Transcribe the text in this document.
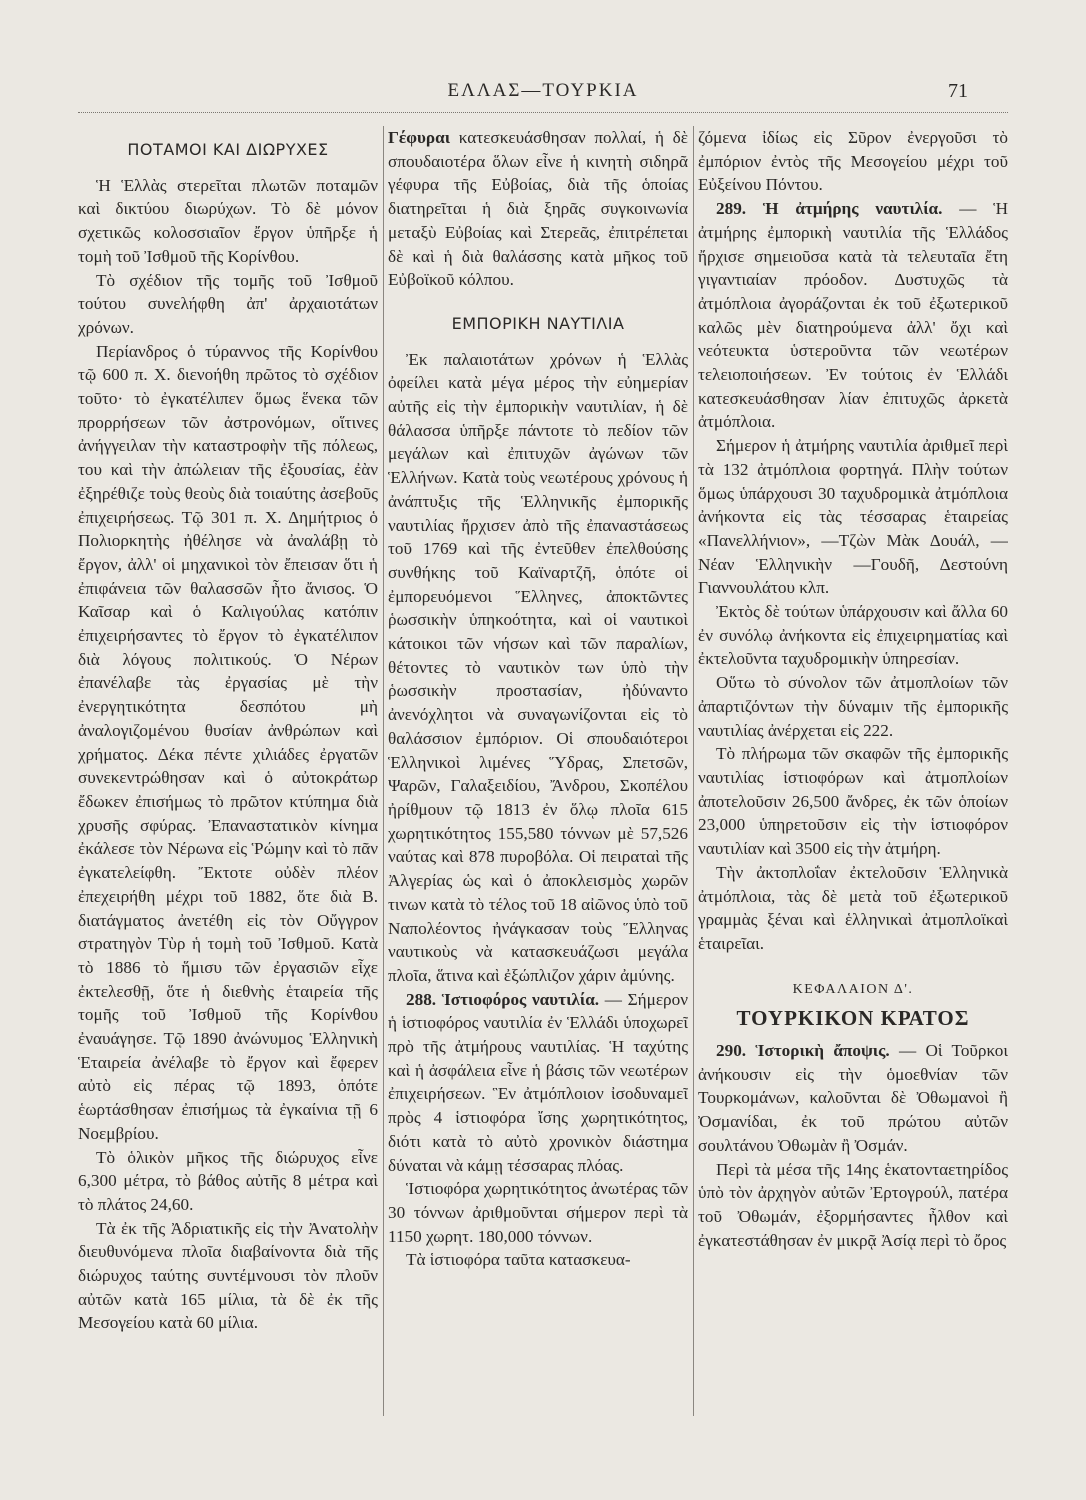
ΕΛΛΑΣ—ΤΟΥΡΚΙΑ	71
ΠΟΤΑΜΟΙ ΚΑΙ ΔΙΩΡΥΧΕΣ

Ἡ Ἑλλὰς στερεῖται πλωτῶν ποταμῶν καὶ δικτύου διωρύχων. Τὸ δὲ μόνον σχετικῶς κολοσσιαῖον ἔργον ὑπῆρξε ἡ τομὴ τοῦ Ἰσθμοῦ τῆς Κορίνθου.

Τὸ σχέδιον τῆς τομῆς τοῦ Ἰσθμοῦ τούτου συνελήφθη ἀπ' ἀρχαιοτάτων χρόνων.

Περίανδρος ὁ τύραννος τῆς Κορίνθου τῷ 600 π. Χ. διενοήθη πρῶτος τὸ σχέδιον τοῦτο· τὸ ἐγκατέλιπεν ὅμως ἕνεκα τῶν προρρήσεων τῶν ἀστρονόμων, οἵτινες ἀνήγγειλαν τὴν καταστροφὴν τῆς πόλεως, του καὶ τὴν ἀπώλειαν τῆς ἐξουσίας, ἐὰν ἐξηρέθιζε τοὺς θεοὺς διὰ τοιαύτης ἀσεβοῦς ἐπιχειρήσεως. Τῷ 301 π. Χ. Δημήτριος ὁ Πολιορκητὴς ἠθέλησε νὰ ἀναλάβῃ τὸ ἔργον, ἀλλ' οἱ μηχανικοὶ τὸν ἔπεισαν ὅτι ἡ ἐπιφάνεια τῶν θαλασσῶν ἦτο ἄνισος. Ὁ Καῖσαρ καὶ ὁ Καλιγούλας κατόπιν ἐπιχειρήσαντες τὸ ἔργον τὸ ἐγκατέλιπον διὰ λόγους πολιτικούς. Ὁ Νέρων ἐπανέλαβε τὰς ἐργασίας μὲ τὴν ἐνεργητικότητα δεσπότου μὴ ἀναλογιζομένου θυσίαν ἀνθρώπων καὶ χρήματος. Δέκα πέντε χιλιάδες ἐργατῶν συνεκεντρώθησαν καὶ ὁ αὐτοκράτωρ ἔδωκεν ἐπισήμως τὸ πρῶτον κτύπημα διὰ χρυσῆς σφύρας. Ἐπαναστατικὸν κίνημα ἐκάλεσε τὸν Νέρωνα εἰς Ῥώμην καὶ τὸ πᾶν ἐγκατελείφθη. Ἔκτοτε οὐδὲν πλέον ἐπεχειρήθη μέχρι τοῦ 1882, ὅτε διὰ Β. διατάγματος ἀνετέθη εἰς τὸν Οὔγγρον στρατηγὸν Τὺρ ἡ τομὴ τοῦ Ἰσθμοῦ. Κατὰ τὸ 1886 τὸ ἥμισυ τῶν ἐργασιῶν εἶχε ἐκτελεσθῇ, ὅτε ἡ διεθνὴς ἑταιρεία τῆς τομῆς τοῦ Ἰσθμοῦ τῆς Κορίνθου ἐναυάγησε. Τῷ 1890 ἀνώνυμος Ἑλληνικὴ Ἑταιρεία ἀνέλαβε τὸ ἔργον καὶ ἔφερεν αὐτὸ εἰς πέρας τῷ 1893, ὁπότε ἑωρτάσθησαν ἐπισήμως τὰ ἐγκαίνια τῇ 6 Νοεμβρίου.

Τὸ ὁλικὸν μῆκος τῆς διώρυχος εἶνε 6,300 μέτρα, τὸ βάθος αὐτῆς 8 μέτρα καὶ τὸ πλάτος 24,60.

Τὰ ἐκ τῆς Ἀδριατικῆς εἰς τὴν Ἀνατολὴν διευθυνόμενα πλοῖα διαβαίνοντα διὰ τῆς διώρυχος ταύτης συντέμνουσι τὸν πλοῦν αὐτῶν κατὰ 165 μίλια, τὰ δὲ ἐκ τῆς Μεσογείου κατὰ 60 μίλια.

Γέφυραι κατεσκευάσθησαν πολλαί, ἡ δὲ σπουδαιοτέρα ὅλων εἶνε ἡ κινητὴ σιδηρᾶ γέφυρα τῆς Εὐβοίας, διὰ τῆς ὁποίας διατηρεῖται ἡ διὰ ξηρᾶς συγκοινωνία μεταξὺ Εὐβοίας καὶ Στερεᾶς, ἐπιτρέπεται δὲ καὶ ἡ διὰ θαλάσσης κατὰ μῆκος τοῦ Εὐβοϊκοῦ κόλπου.

ΕΜΠΟΡΙΚΗ ΝΑΥΤΙΛΙΑ

Ἐκ παλαιοτάτων χρόνων ἡ Ἑλλὰς ὀφείλει κατὰ μέγα μέρος τὴν εὐημερίαν αὐτῆς εἰς τὴν ἐμπορικὴν ναυτιλίαν, ἡ δὲ θάλασσα ὑπῆρξε πάντοτε τὸ πεδίον τῶν μεγάλων καὶ ἐπιτυχῶν ἀγώνων τῶν Ἑλλήνων. Κατὰ τοὺς νεωτέρους χρόνους ἡ ἀνάπτυξις τῆς Ἑλληνικῆς ἐμπορικῆς ναυτιλίας ἤρχισεν ἀπὸ τῆς ἐπαναστάσεως τοῦ 1769 καὶ τῆς ἐντεῦθεν ἐπελθούσης συνθήκης τοῦ Καϊναρτζῆ, ὁπότε οἱ ἐμπορευόμενοι Ἕλληνες, ἀποκτῶντες ῥωσσικὴν ὑπηκοότητα, καὶ οἱ ναυτικοὶ κάτοικοι τῶν νήσων καὶ τῶν παραλίων, θέτοντες τὸ ναυτικὸν των ὑπὸ τὴν ῥωσσικὴν προστασίαν, ἠδύναντο ἀνενόχλητοι νὰ συναγωνίζονται εἰς τὸ θαλάσσιον ἐμπόριον. Οἱ σπουδαιότεροι Ἑλληνικοὶ λιμένες Ὕδρας, Σπετσῶν, Ψαρῶν, Γαλαξειδίου, Ἄνδρου, Σκοπέλου ἠρίθμουν τῷ 1813 ἐν ὅλῳ πλοῖα 615 χωρητικότητος 155,580 τόννων μὲ 57,526 ναύτας καὶ 878 πυροβόλα. Οἱ πειραταὶ τῆς Ἀλγερίας ὡς καὶ ὁ ἀποκλεισμὸς χωρῶν τινων κατὰ τὸ τέλος τοῦ 18 αἰῶνος ὑπὸ τοῦ Ναπολέοντος ἠνάγκασαν τοὺς Ἕλληνας ναυτικοὺς νὰ κατασκευάζωσι μεγάλα πλοῖα, ἅτινα καὶ ἐξώπλιζον χάριν ἀμύνης.

288. Ἱστιοφόρος ναυτιλία. — Σήμερον ἡ ἱστιοφόρος ναυτιλία ἐν Ἑλλάδι ὑποχωρεῖ πρὸ τῆς ἀτμήρους ναυτιλίας. Ἡ ταχύτης καὶ ἡ ἀσφάλεια εἶνε ἡ βάσις τῶν νεωτέρων ἐπιχειρήσεων. Ἓν ἀτμόπλοιον ἰσοδυναμεῖ πρὸς 4 ἱστιοφόρα ἴσης χωρητικότητος, διότι κατὰ τὸ αὐτὸ χρονικὸν διάστημα δύναται νὰ κάμῃ τέσσαρας πλόας.

Ἱστιοφόρα χωρητικότητος ἀνωτέρας τῶν 30 τόννων ἀριθμοῦνται σήμερον περὶ τὰ 1150 χωρητ. 180,000 τόννων.

Τὰ ἱστιοφόρα ταῦτα κατασκευα-

ζόμενα ἰδίως εἰς Σῦρον ἐνεργοῦσι τὸ ἐμπόριον ἐντὸς τῆς Μεσογείου μέχρι τοῦ Εὐξείνου Πόντου.

289. Ἡ ἀτμήρης ναυτιλία. — Ἡ ἀτμήρης ἐμπορικὴ ναυτιλία τῆς Ἑλλάδος ἤρχισε σημειοῦσα κατὰ τὰ τελευταῖα ἔτη γιγαντιαίαν πρόοδον. Δυστυχῶς τὰ ἀτμόπλοια ἀγοράζονται ἐκ τοῦ ἐξωτερικοῦ καλῶς μὲν διατηρούμενα ἀλλ' ὄχι καὶ νεότευκτα ὑστεροῦντα τῶν νεωτέρων τελειοποιήσεων. Ἐν τούτοις ἐν Ἑλλάδι κατεσκευάσθησαν λίαν ἐπιτυχῶς ἀρκετὰ ἀτμόπλοια.

Σήμερον ἡ ἀτμήρης ναυτιλία ἀριθμεῖ περὶ τὰ 132 ἀτμόπλοια φορτηγά. Πλὴν τούτων ὅμως ὑπάρχουσι 30 ταχυδρομικὰ ἀτμόπλοια ἀνήκοντα εἰς τὰς τέσσαρας ἑταιρείας «Πανελλήνιον», —Τζὼν Μὰκ Δουάλ, —Νέαν Ἑλληνικὴν —Γουδῆ, Δεστούνη Γιαννουλάτου κλπ.

Ἐκτὸς δὲ τούτων ὑπάρχουσιν καὶ ἄλλα 60 ἐν συνόλῳ ἀνήκοντα εἰς ἐπιχειρηματίας καὶ ἐκτελοῦντα ταχυδρομικὴν ὑπηρεσίαν.

Οὕτω τὸ σύνολον τῶν ἀτμοπλοίων τῶν ἀπαρτιζόντων τὴν δύναμιν τῆς ἐμπορικῆς ναυτιλίας ἀνέρχεται εἰς 222.

Τὸ πλήρωμα τῶν σκαφῶν τῆς ἐμπορικῆς ναυτιλίας ἱστιοφόρων καὶ ἀτμοπλοίων ἀποτελοῦσιν 26,500 ἄνδρες, ἐκ τῶν ὁποίων 23,000 ὑπηρετοῦσιν εἰς τὴν ἱστιοφόρον ναυτιλίαν καὶ 3500 εἰς τὴν ἀτμήρη.

Τὴν ἀκτοπλοΐαν ἐκτελοῦσιν Ἑλληνικὰ ἀτμόπλοια, τὰς δὲ μετὰ τοῦ ἐξωτερικοῦ γραμμὰς ξέναι καὶ ἑλληνικαὶ ἀτμοπλοϊκαὶ ἑταιρεῖαι.

ΚΕΦΑΛΑΙΟΝ Δ'.
ΤΟΥΡΚΙΚΟΝ ΚΡΑΤΟΣ

290. Ἱστορικὴ ἄποψις. — Οἱ Τοῦρκοι ἀνήκουσιν εἰς τὴν ὁμοεθνίαν τῶν Τουρκομάνων, καλοῦνται δὲ Ὀθωμανοὶ ἢ Ὀσμανίδαι, ἐκ τοῦ πρώτου αὐτῶν σουλτάνου Ὀθωμὰν ἢ Ὀσμάν.

Περὶ τὰ μέσα τῆς 14ης ἑκατονταετηρίδος ὑπὸ τὸν ἀρχηγὸν αὐτῶν Ἐρτογρούλ, πατέρα τοῦ Ὀθωμάν, ἐξορμήσαντες ἦλθον καὶ ἐγκατεστάθησαν ἐν μικρᾷ Ἀσίᾳ περὶ τὸ ὄρος
